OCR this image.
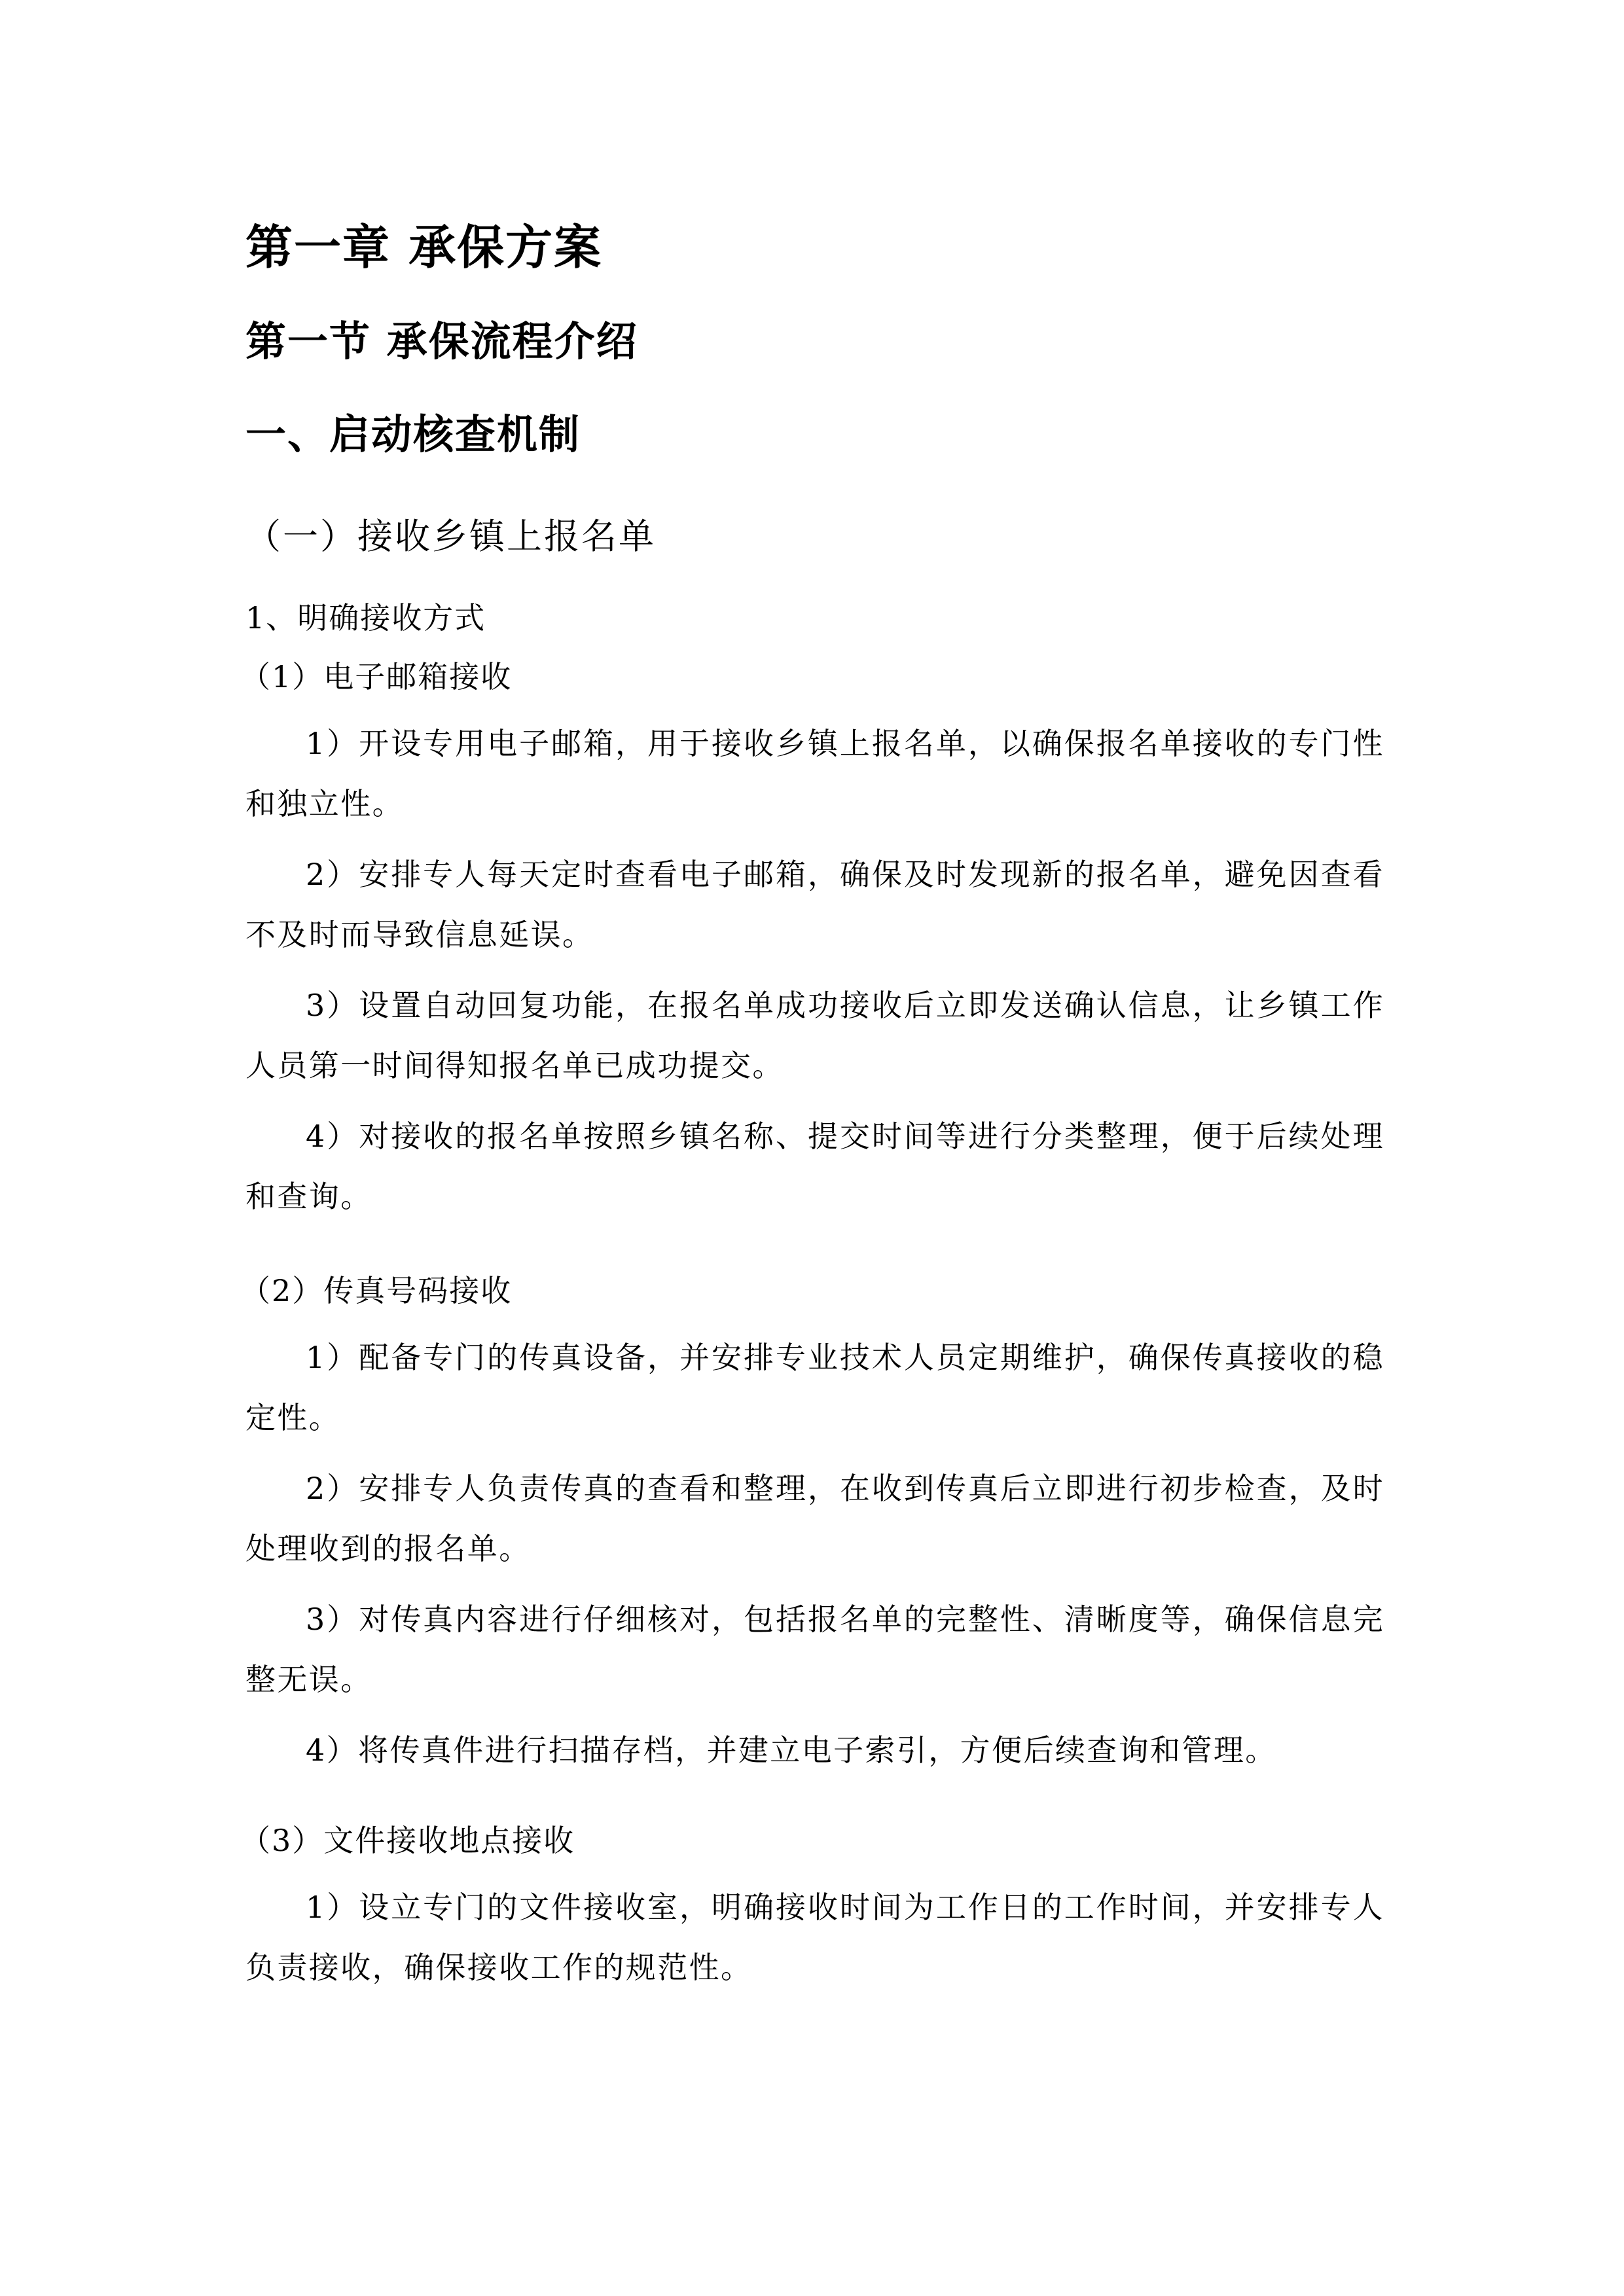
第一章 承保方案
第一节 承保流程介绍
一、启动核查机制
（一）接收乡镇上报名单
1、明确接收方式
（1）电子邮箱接收
1）开设专用电子邮箱，用于接收乡镇上报名单，以确保报名单接收的专门性和独立性。
2）安排专人每天定时查看电子邮箱，确保及时发现新的报名单，避免因查看不及时而导致信息延误。
3）设置自动回复功能，在报名单成功接收后立即发送确认信息，让乡镇工作人员第一时间得知报名单已成功提交。
4）对接收的报名单按照乡镇名称、提交时间等进行分类整理，便于后续处理和查询。
（2）传真号码接收
1）配备专门的传真设备，并安排专业技术人员定期维护，确保传真接收的稳定性。
2）安排专人负责传真的查看和整理，在收到传真后立即进行初步检查，及时处理收到的报名单。
3）对传真内容进行仔细核对，包括报名单的完整性、清晰度等，确保信息完整无误。
4）将传真件进行扫描存档，并建立电子索引，方便后续查询和管理。
（3）文件接收地点接收
1）设立专门的文件接收室，明确接收时间为工作日的工作时间，并安排专人负责接收，确保接收工作的规范性。
